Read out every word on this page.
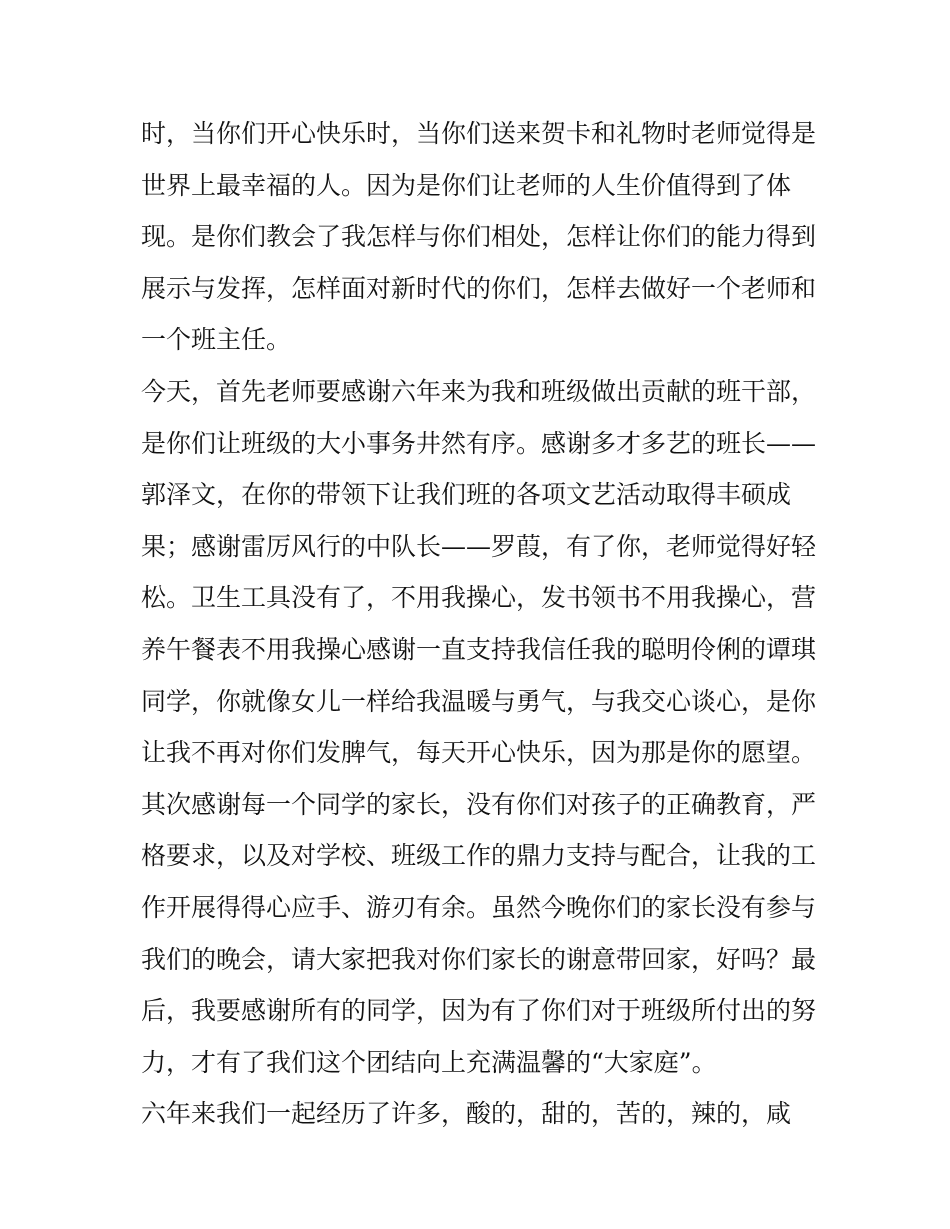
时，当你们开心快乐时，当你们送来贺卡和礼物时老师觉得是
世界上最幸福的人。因为是你们让老师的人生价值得到了体
现。是你们教会了我怎样与你们相处，怎样让你们的能力得到
展示与发挥，怎样面对新时代的你们，怎样去做好一个老师和
一个班主任。
今天，首先老师要感谢六年来为我和班级做出贡献的班干部，
是你们让班级的大小事务井然有序。感谢多才多艺的班长——
郭泽文，在你的带领下让我们班的各项文艺活动取得丰硕成
果；感谢雷厉风行的中队长——罗葭，有了你，老师觉得好轻
松。卫生工具没有了，不用我操心，发书领书不用我操心，营
养午餐表不用我操心感谢一直支持我信任我的聪明伶俐的谭琪
同学，你就像女儿一样给我温暖与勇气，与我交心谈心，是你
让我不再对你们发脾气，每天开心快乐，因为那是你的愿望。
其次感谢每一个同学的家长，没有你们对孩子的正确教育，严
格要求，以及对学校、班级工作的鼎力支持与配合，让我的工
作开展得得心应手、游刃有余。虽然今晚你们的家长没有参与
我们的晚会，请大家把我对你们家长的谢意带回家，好吗？最
后，我要感谢所有的同学，因为有了你们对于班级所付出的努
力，才有了我们这个团结向上充满温馨的“大家庭”。
六年来我们一起经历了许多，酸的，甜的，苦的，辣的，咸
